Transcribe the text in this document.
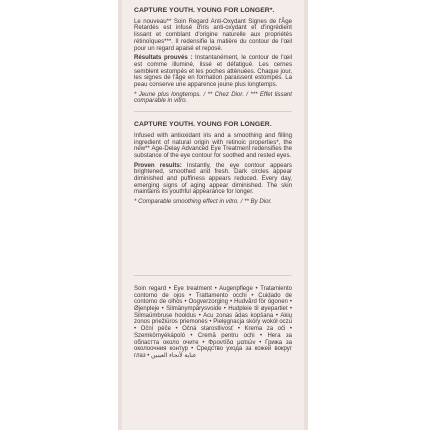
CAPTURE YOUTH. YOUNG FOR LONGER*.

Le nouveau** Soin Regard Anti-Oxydant Signes de l'Âge Retardés est infusé d'iris anti-oxydant et d'ingrédient lissant et comblant d'origine naturelle aux propriétés rétinoïques***. Il redensifie la matière du contour de l'œil pour un regard apaisé et reposé.

Résultats prouvés : Instantanément, le contour de l'œil est comme illuminé, lissé et défatigué. Les cernes semblent estompés et les poches atténuées. Chaque jour, les signes de l'âge en formation paraissent estompés. La peau conserve une apparence jeune plus longtemps.

* Jeune plus longtemps. / ** Chez Dior. / *** Effet lissant comparable in vitro.

CAPTURE YOUTH. YOUNG FOR LONGER.

Infused with antioxidant iris and a smoothing and filling ingredient of natural origin with retinoic properties*, the new** Age-Delay Advanced Eye Treatment redensifies the substance of the eye contour for soothed and rested eyes.

Proven results: Instantly, the eye contour appears brightened, smoothed and fresh. Dark circles appear diminished and puffiness appears reduced. Every day, emerging signs of aging appear diminished. The skin maintains its youthful appearance for longer.

* Comparable smoothing effect in vitro. / ** By Dior.

Soin regard • Eye treatment • Augenpflege • Tratamiento contorno de ojos • Trattamento occhi • Cuidado de contorno de olhos • Oogverzorging • Hudvård för ögonen • Øjenpleje • Silmänympärysvoide • Hudpleie til øyepartiet • Silmaümbruse hooldus • Acu zonas ādas kopšana • Akių zonos priežiūros priemonės • Pielęgnacja skóry wokół oczu • Oční péče • Očná starostlivosť • Krema za oči • Szemkörnyékápoló • Cremă pentru ochi • Нега за областта около очите • Φροντίδα ματιών • Грижа за околоочния контур • Средство ухода за кожей вокруг глаз • عناية لأنحاء العينين
